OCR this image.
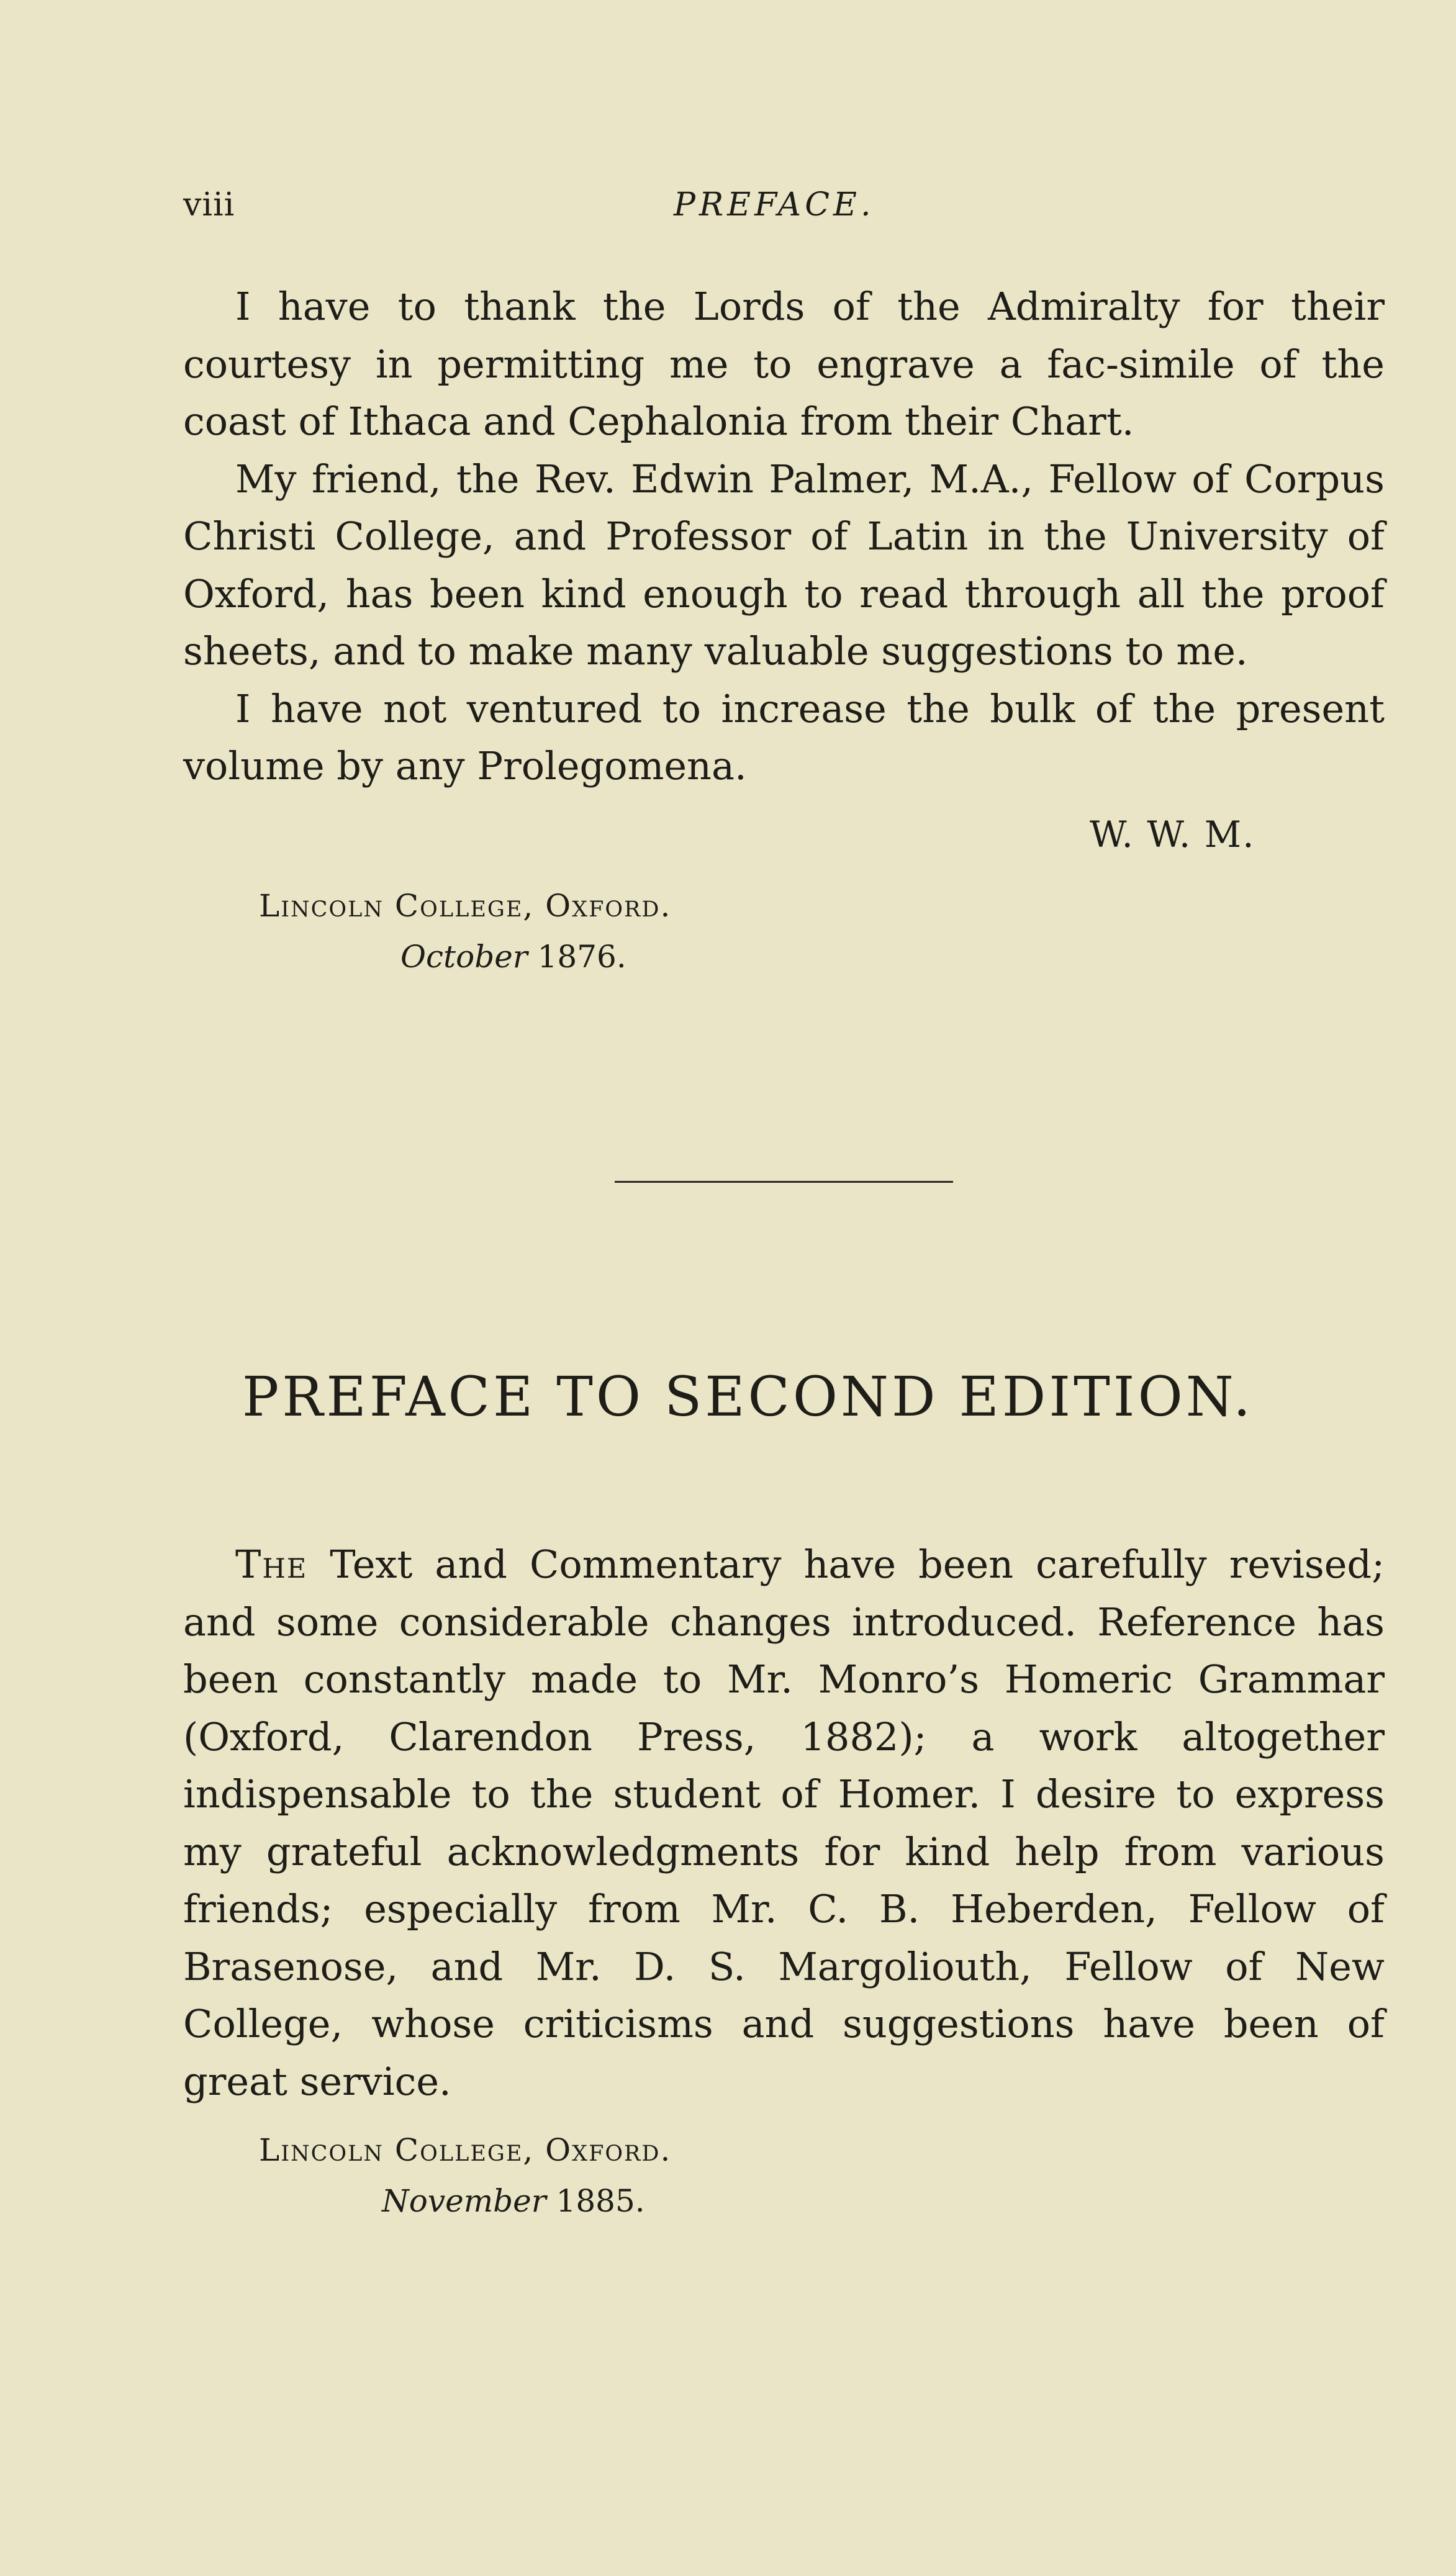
viii	PREFACE.

I have to thank the Lords of the Admiralty for their courtesy in permitting me to engrave a fac-simile of the coast of Ithaca and Cephalonia from their Chart.

My friend, the Rev. Edwin Palmer, M.A., Fellow of Corpus Christi College, and Professor of Latin in the University of Oxford, has been kind enough to read through all the proof sheets, and to make many valuable suggestions to me.

I have not ventured to increase the bulk of the present volume by any Prolegomena.

W. W. M.
Lincoln College, Oxford.
October 1876.
PREFACE TO SECOND EDITION.

The Text and Commentary have been carefully revised; and some considerable changes introduced. Reference has been constantly made to Mr. Monro’s Homeric Grammar (Oxford, Clarendon Press, 1882); a work altogether indispensable to the student of Homer. I desire to express my grateful acknowledgments for kind help from various friends; especially from Mr. C. B. Heberden, Fellow of Brasenose, and Mr. D. S. Margoliouth, Fellow of New College, whose criticisms and suggestions have been of great service.

Lincoln College, Oxford.
November 1885.
